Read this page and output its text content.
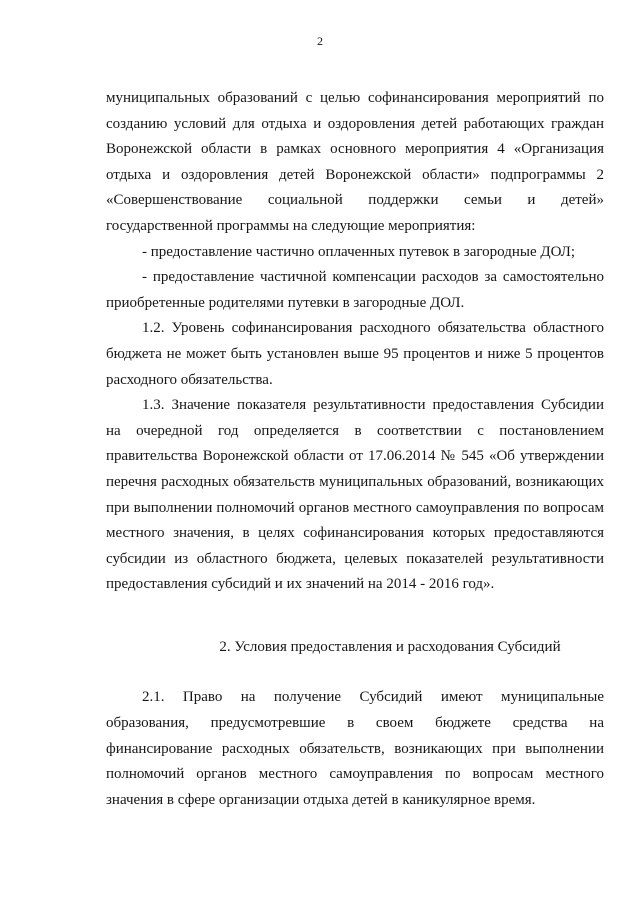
2
муниципальных образований с целью софинансирования мероприятий по
созданию условий для отдыха и оздоровления детей работающих граждан
Воронежской области в рамках основного мероприятия 4 «Организация
отдыха и оздоровления детей Воронежской области» подпрограммы 2
«Совершенствование социальной поддержки семьи и детей»
государственной программы на следующие мероприятия:
- предоставление частично оплаченных путевок в загородные ДОЛ;
- предоставление частичной компенсации расходов за самостоятельно
приобретенные родителями путевки в загородные ДОЛ.
1.2. Уровень софинансирования расходного обязательства областного
бюджета не может быть установлен выше 95 процентов и ниже 5 процентов
расходного обязательства.
1.3. Значение показателя результативности предоставления Субсидии
на очередной год определяется в соответствии с постановлением
правительства Воронежской области от 17.06.2014 № 545 «Об утверждении
перечня расходных обязательств муниципальных образований, возникающих
при выполнении полномочий органов местного самоуправления по вопросам
местного значения, в целях софинансирования которых предоставляются
субсидии из областного бюджета, целевых показателей результативности
предоставления субсидий и их значений на 2014 - 2016 год».
2. Условия предоставления и расходования Субсидий
2.1. Право на получение Субсидий имеют муниципальные
образования, предусмотревшие в своем бюджете средства на
финансирование расходных обязательств, возникающих при выполнении
полномочий органов местного самоуправления по вопросам местного
значения в сфере организации отдыха детей в каникулярное время.
